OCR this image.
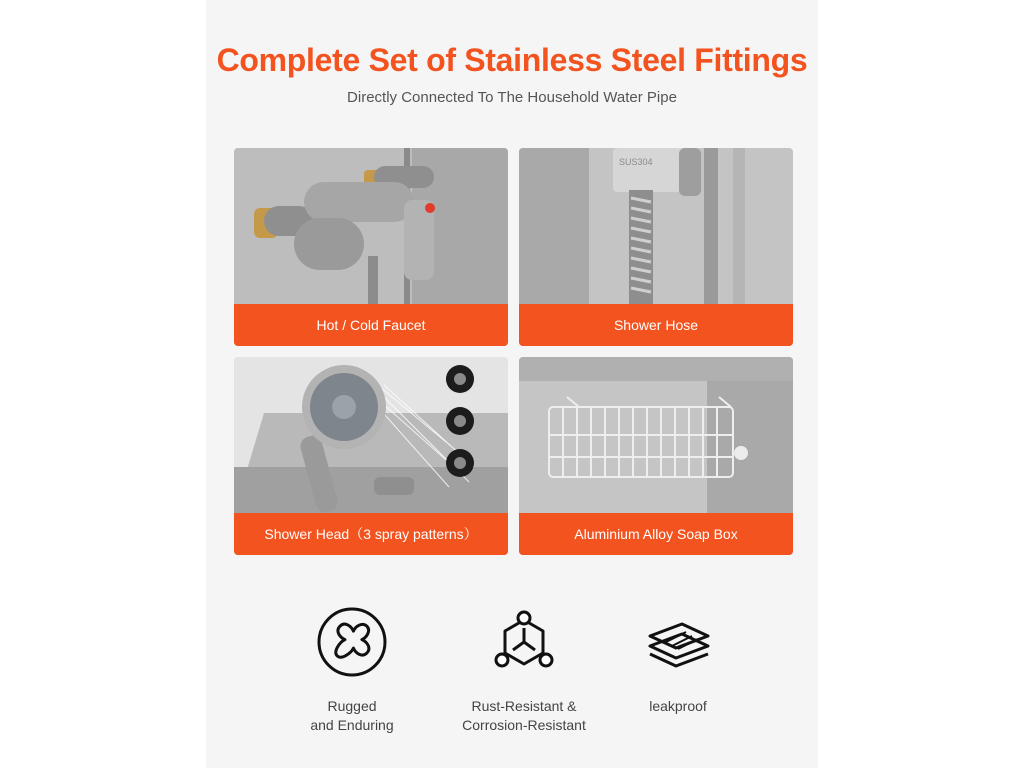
Complete Set of Stainless Steel Fittings
Directly Connected To The Household Water Pipe
Hot / Cold Faucet
SUS304
Shower Hose
Shower Head（3 spray patterns）	Aluminium Alloy Soap Box
Rugged
and Enduring
Rust-Resistant &
Corrosion-Resistant
leakproof
